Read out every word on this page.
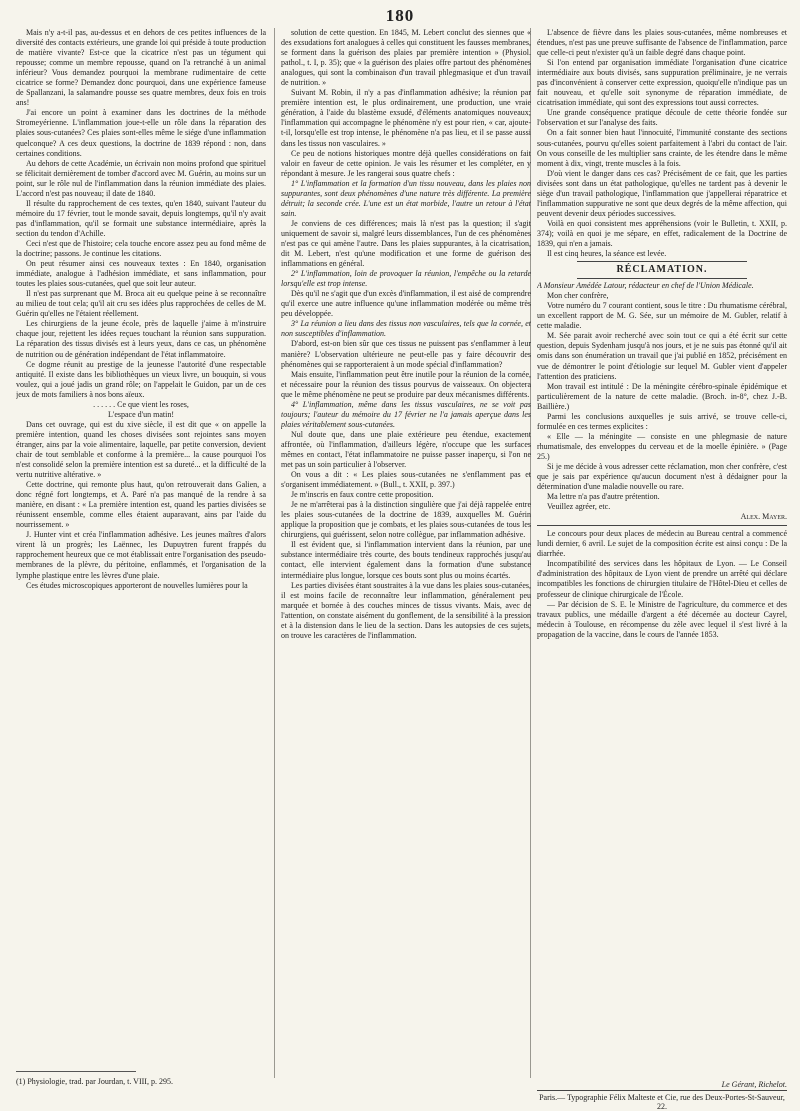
180

Mais n'y a-t-il pas, au-dessus et en dehors de ces petites influences de la diversité des contacts extérieurs, une grande loi qui préside à toute production de matière vivante? Est-ce que la cicatrice n'est pas un tégument qui repousse; comme un membre repousse, quand on l'a retranché à un animal inférieur? Vous demandez pourquoi la membrane rudimentaire de cette cicatrice se forme? Demandez donc pourquoi, dans une expérience fameuse de Spallanzani, la salamandre pousse ses quatre membres, deux fois en trois ans!

J'ai encore un point à examiner dans les doctrines de la méthode Stromeyérienne. L'inflammation joue-t-elle un rôle dans la réparation des plaies sous-cutanées? Ces plaies sont-elles même le siége d'une inflammation quelconque? A ces deux questions, la doctrine de 1839 répond : non, dans certaines conditions.

Au dehors de cette Académie, un écrivain non moins profond que spirituel se félicitait dernièrement de tomber d'accord avec M. Guérin, au moins sur un point, sur le rôle nul de l'inflammation dans la réunion immédiate des plaies. L'accord n'est pas nouveau; il date de 1840.

Il résulte du rapprochement de ces textes, qu'en 1840, suivant l'auteur du mémoire du 17 février, tout le monde savait, depuis longtemps, qu'il n'y avait pas d'inflammation, qu'il se formait une substance intermédiaire, après la section du tendon d'Achille.

Ceci n'est que de l'histoire; cela touche encore assez peu au fond même de la doctrine; passons. Je continue les citations.

On peut résumer ainsi ces nouveaux textes : En 1840, organisation immédiate, analogue à l'adhésion immédiate, et sans inflammation, pour toutes les plaies sous-cutanées, quel que soit leur auteur.

Il n'est pas surprenant que M. Broca ait eu quelque peine à se reconnaître au milieu de tout cela; qu'il ait cru ses idées plus rapprochées de celles de M. Guérin qu'elles ne l'étaient réellement.

Les chirurgiens de la jeune école, près de laquelle j'aime à m'instruire chaque jour, rejettent les idées reçues touchant la réunion sans suppuration. La réparation des tissus divisés est à leurs yeux, dans ce cas, un phénomène de nutrition ou de génération indépendant de l'état inflammatoire.

Ce dogme réunit au prestige de la jeunesse l'autorité d'une respectable antiquité. Il existe dans les bibliothèques un vieux livre, un bouquin, si vous voulez, qui a joué jadis un grand rôle; on l'appelait le Guidon, par un de ces jeux de mots familiers à nos bons aïeux.

. . . . . . Ce que vient les roses,

L'espace d'un matin!

Dans cet ouvrage, qui est du xive siècle, il est dit que « on appelle la première intention, quand les choses divisées sont rejointes sans moyen étranger, ains par la voie alimentaire, laquelle, par petite conversion, devient chair de tout semblable et conforme à la première... la cause pourquoi l'os n'est consolidé selon la première intention est sa dureté... et la difficulté de la vertu nutritive altérative. »

Cette doctrine, qui remonte plus haut, qu'on retrouverait dans Galien, a donc régné fort longtemps, et A. Paré n'a pas manqué de la rendre à sa manière, en disant : « La première intention est, quand les parties divisées se réunissent ensemble, comme elles étaient auparavant, ains par l'aide du nourrissement. »

J. Hunter vint et créa l'inflammation adhésive. Les jeunes maîtres d'alors virent là un progrès; les Laënnec, les Dupuytren furent frappés du rapprochement heureux que ce mot établissait entre l'organisation des pseudo-membranes de la plèvre, du péritoine, enflammés, et l'organisation de la lymphe plastique entre les lèvres d'une plaie.

Ces études microscopiques apporteront de nouvelles lumières pour la

(1) Physiologie, trad. par Jourdan, t. VIII, p. 295.

solution de cette question. En 1845, M. Lebert conclut des siennes que « des exsudations fort analogues à celles qui constituent les fausses membranes, se forment dans la guérison des plaies par première intention » (Physiol. pathol., t. I, p. 35); que « la guérison des plaies offre partout des phénomènes analogues, qui sont la combinaison d'un travail phlegmasique et d'un travail de nutrition. »

Suivant M. Robin, il n'y a pas d'inflammation adhésive; la réunion par première intention est, le plus ordinairement, une production, une vraie génération, à l'aide du blastème exsudé, d'éléments anatomiques nouveaux; l'inflammation qui accompagne le phénomène n'y est pour rien, « car, ajoute-t-il, lorsqu'elle est trop intense, le phénomène n'a pas lieu, et il se passe aussi dans les tissus non vasculaires. »

Ce peu de notions historiques montre déjà quelles considérations on fait valoir en faveur de cette opinion. Je vais les résumer et les compléter, en y répondant à mesure. Je les rangerai sous quatre chefs :

1° L'inflammation et la formation d'un tissu nouveau, dans les plaies non suppurantes, sont deux phénomènes d'une nature très différente. La première détruit; la seconde crée. L'une est un état morbide, l'autre un retour à l'état sain.

Je conviens de ces différences; mais là n'est pas la question; il s'agit uniquement de savoir si, malgré leurs dissemblances, l'un de ces phénomènes n'est pas ce qui amène l'autre. Dans les plaies suppurantes, à la cicatrisation, dit M. Lebert, n'est qu'une modification et une forme de guérison des inflammations en général.

2° L'inflammation, loin de provoquer la réunion, l'empêche ou la retarde lorsqu'elle est trop intense.

Dès qu'il ne s'agit que d'un excès d'inflammation, il est aisé de comprendre qu'il exerce une autre influence qu'une inflammation modérée ou même très peu développée.

3° La réunion a lieu dans des tissus non vasculaires, tels que la cornée, et non susceptibles d'inflammation.

D'abord, est-on bien sûr que ces tissus ne puissent pas s'enflammer à leur manière? L'observation ultérieure ne peut-elle pas y faire découvrir des phénomènes qui se rapporteraient à un mode spécial d'inflammation?

Mais ensuite, l'inflammation peut être inutile pour la réunion de la cornée, et nécessaire pour la réunion des tissus pourvus de vaisseaux. On objectera que le même phénomène ne peut se produire par deux mécanismes différents.

4° L'inflammation, même dans les tissus vasculaires, ne se voit pas toujours; l'auteur du mémoire du 17 février ne l'a jamais aperçue dans les plaies véritablement sous-cutanées.

Nul doute que, dans une plaie extérieure peu étendue, exactement affrontée, où l'inflammation, d'ailleurs légère, n'occupe que les surfaces mêmes en contact, l'état inflammatoire ne puisse passer inaperçu, si l'on ne met pas un soin particulier à l'observer.

On vous a dit : « Les plaies sous-cutanées ne s'enflamment pas et s'organisent immédiatement. » (Bull., t. XXII, p. 397.)

Je m'inscris en faux contre cette proposition.

Je ne m'arrêterai pas à la distinction singulière que j'ai déjà rappelée entre les plaies sous-cutanées de la doctrine de 1839, auxquelles M. Guérin applique la proposition que je combats, et les plaies sous-cutanées de tous les chirurgiens, qui guérissent, selon notre collègue, par inflammation adhésive.

Il est évident que, si l'inflammation intervient dans la réunion, par une substance intermédiaire très courte, des bouts tendineux rapprochés jusqu'au contact, elle intervient également dans la formation d'une substance intermédiaire plus longue, lorsque ces bouts sont plus ou moins écartés.

Les parties divisées étant soustraites à la vue dans les plaies sous-cutanées, il est moins facile de reconnaître leur inflammation, généralement peu marquée et bornée à des couches minces de tissus vivants. Mais, avec de l'attention, on constate aisément du gonflement, de la sensibilité à la pression et à la distension dans le lieu de la section. Dans les autopsies de ces sujets, on trouve les caractères de l'inflammation.

L'absence de fièvre dans les plaies sous-cutanées, même nombreuses et étendues, n'est pas une preuve suffisante de l'absence de l'inflammation, parce que celle-ci peut n'exister qu'à un faible degré dans chaque point.

Si l'on entend par organisation immédiate l'organisation d'une cicatrice intermédiaire aux bouts divisés, sans suppuration préliminaire, je ne verrais pas d'inconvénient à conserver cette expression, quoiqu'elle n'indique pas un fait nouveau, et qu'elle soit synonyme de réparation immédiate, de cicatrisation immédiate, qui sont des expressions tout aussi correctes.

Une grande conséquence pratique découle de cette théorie fondée sur l'observation et sur l'analyse des faits.

On a fait sonner bien haut l'innocuité, l'immunité constante des sections sous-cutanées, pourvu qu'elles soient parfaitement à l'abri du contact de l'air. On vous conseille de les multiplier sans crainte, de les étendre dans le même moment à dix, vingt, trente muscles à la fois.

D'où vient le danger dans ces cas? Précisément de ce fait, que les parties divisées sont dans un état pathologique, qu'elles ne tardent pas à devenir le siège d'un travail pathologique, l'inflammation que j'appellerai réparatrice et l'inflammation suppurative ne sont que deux degrés de la même affection, qui peuvent devenir deux périodes successives.

Voilà en quoi consistent mes appréhensions (voir le Bulletin, t. XXII, p. 374); voilà en quoi je me sépare, en effet, radicalement de la Doctrine de 1839, qui n'en a jamais.

Il est cinq heures, la séance est levée.

RÉCLAMATION.

A Monsieur Amédée Latour, rédacteur en chef de l'Union Médicale.

Mon cher confrère,

Votre numéro du 7 courant contient, sous le titre : Du rhumatisme cérébral, un excellent rapport de M. G. Sée, sur un mémoire de M. Gubler, relatif à cette maladie.

M. Sée parait avoir recherché avec soin tout ce qui a été écrit sur cette question, depuis Sydenham jusqu'à nos jours, et je ne suis pas étonné qu'il ait omis dans son énumération un travail que j'ai publié en 1852, précisément en vue de démontrer le point d'étiologie sur lequel M. Gubler vient d'appeler l'attention des praticiens.

Mon travail est intitulé : De la méningite cérébro-spinale épidémique et particulièrement de la nature de cette maladie. (Broch. in-8°, chez J.-B. Baillière.)

Parmi les conclusions auxquelles je suis arrivé, se trouve celle-ci, formulée en ces termes explicites :

« Elle — la méningite — consiste en une phlegmasie de nature rhumatismale, des enveloppes du cerveau et de la moelle épinière. » (Page 25.)

Si je me décide à vous adresser cette réclamation, mon cher confrère, c'est que je sais par expérience qu'aucun document n'est à dédaigner pour la détermination d'une maladie nouvelle ou rare.

Ma lettre n'a pas d'autre prétention.

Veuillez agréer, etc.

Alex. Mayer.

Le concours pour deux places de médecin au Bureau central a commencé lundi dernier, 6 avril. Le sujet de la composition écrite est ainsi conçu : De la diarrhée.

Incompatibilité des services dans les hôpitaux de Lyon. — Le Conseil d'administration des hôpitaux de Lyon vient de prendre un arrêté qui déclare incompatibles les fonctions de chirurgien titulaire de l'Hôtel-Dieu et celles de professeur de clinique chirurgicale de l'École.

— Par décision de S. E. le Ministre de l'agriculture, du commerce et des travaux publics, une médaille d'argent a été décernée au docteur Cayrel, médecin à Toulouse, en récompense du zèle avec lequel il s'est livré à la propagation de la vaccine, dans le cours de l'année 1853.

Le Gérant, Richelot.
Paris.— Typographie Félix Malteste et Cie, rue des Deux-Portes-St-Sauveur, 22.
